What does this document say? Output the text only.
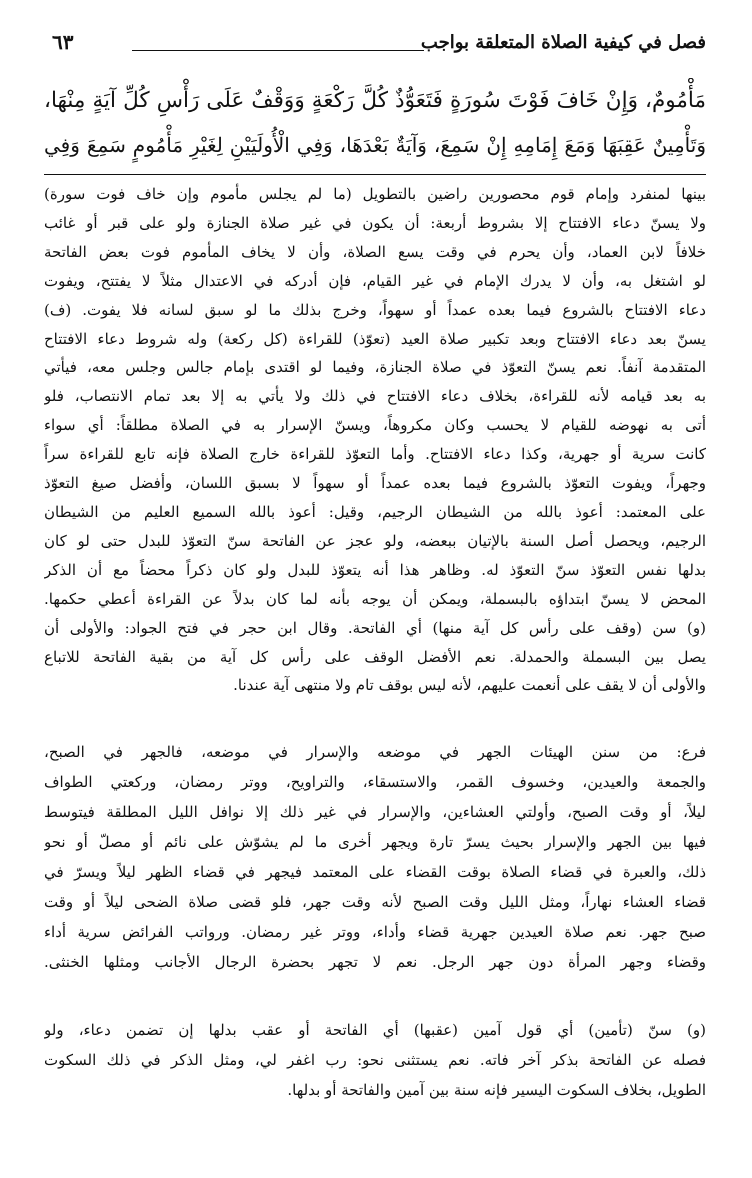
فصل في كيفية الصلاة المتعلقة بواجب
٦٣
مَأْمُومٌ، وَإِنْ خَافَ فَوْتَ سُورَةٍ فَتَعَوُّذٌ كُلَّ رَكْعَةٍ وَوَقْفٌ عَلَى رَأْسِ كُلِّ آيَةٍ مِنْهَا،
وَتَأْمِينٌ عَقِبَهَا وَمَعَ إِمَامِهِ إِنْ سَمِعَ، وَآيَةٌ بَعْدَهَا، وَفِي الْأُولَيَيْنِ لِغَيْرِ مَأْمُومٍ سَمِعَ وَفِي
بينها لمنفرد وإمام قوم محصورين راضين بالتطويل (ما لم يجلس مأموم وإن خاف فوت سورة)
ولا يسنّ دعاء الافتتاح إلا بشروط أربعة: أن يكون في غير صلاة الجنازة ولو على قبر أو غائب
خلافاً لابن العماد، وأن يحرم في وقت يسع الصلاة، وأن لا يخاف المأموم فوت بعض الفاتحة
لو اشتغل به، وأن لا يدرك الإمام في غير القيام، فإن أدركه في الاعتدال مثلاً لا يفتتح، ويفوت
دعاء الافتتاح بالشروع فيما بعده عمداً أو سهواً، وخرج بذلك ما لو سبق لسانه فلا يفوت. (ف)
يسنّ بعد دعاء الافتتاح وبعد تكبير صلاة العيد (تعوّذ) للقراءة (كل ركعة) وله شروط دعاء الافتتاح
المتقدمة آنفاً. نعم يسنّ التعوّذ في صلاة الجنازة، وفيما لو اقتدى بإمام جالس وجلس معه، فيأتي
به بعد قيامه لأنه للقراءة، بخلاف دعاء الافتتاح في ذلك ولا يأتي به إلا بعد تمام الانتصاب، فلو
أتى به نهوضه للقيام لا يحسب وكان مكروهاً، ويسنّ الإسرار به في الصلاة مطلقاً: أي سواء
كانت سرية أو جهرية، وكذا دعاء الافتتاح. وأما التعوّذ للقراءة خارج الصلاة فإنه تابع للقراءة سراً
وجهراً، ويفوت التعوّذ بالشروع فيما بعده عمداً أو سهواً لا بسبق اللسان، وأفضل صيغ التعوّذ
على المعتمد: أعوذ بالله من الشيطان الرجيم، وقيل: أعوذ بالله السميع العليم من الشيطان
الرجيم، ويحصل أصل السنة بالإتيان ببعضه، ولو عجز عن الفاتحة سنّ التعوّذ للبدل حتى لو كان
بدلها نفس التعوّذ سنّ التعوّذ له. وظاهر هذا أنه يتعوّذ للبدل ولو كان ذكراً محضاً مع أن الذكر
المحض لا يسنّ ابتداؤه بالبسملة، ويمكن أن يوجه بأنه لما كان بدلاً عن القراءة أعطي حكمها.
(و) سن (وقف على رأس كل آية منها) أي الفاتحة. وقال ابن حجر في فتح الجواد: والأولى أن
يصل بين البسملة والحمدلة. نعم الأفضل الوقف على رأس كل آية من بقية الفاتحة للاتباع
والأولى أن لا يقف على أنعمت عليهم، لأنه ليس بوقف تام ولا منتهى آية عندنا.
فرع: من سنن الهيئات الجهر في موضعه والإسرار في موضعه، فالجهر في الصبح،
والجمعة والعيدين، وخسوف القمر، والاستسقاء، والتراويح، ووتر رمضان، وركعتي الطواف
ليلاً، أو وقت الصبح، وأولتي العشاءين، والإسرار في غير ذلك إلا نوافل الليل المطلقة فيتوسط
فيها بين الجهر والإسرار بحيث يسرّ تارة ويجهر أخرى ما لم يشوّش على نائم أو مصلّ أو نحو
ذلك، والعبرة في قضاء الصلاة بوقت القضاء على المعتمد فيجهر في قضاء الظهر ليلاً ويسرّ في
قضاء العشاء نهاراً، ومثل الليل وقت الصبح لأنه وقت جهر، فلو قضى صلاة الضحى ليلاً أو وقت
صبح جهر. نعم صلاة العيدين جهرية قضاء وأداء، ووتر غير رمضان. ورواتب الفرائض سرية أداء
وقضاء وجهر المرأة دون جهر الرجل. نعم لا تجهر بحضرة الرجال الأجانب ومثلها الخنثى.
(و) سنّ (تأمين) أي قول آمين (عقبها) أي الفاتحة أو عقب بدلها إن تضمن دعاء، ولو
فصله عن الفاتحة بذكر آخر فاته. نعم يستثنى نحو: رب اغفر لي، ومثل الذكر في ذلك السكوت
الطويل، بخلاف السكوت اليسير فإنه سنة بين آمين والفاتحة أو بدلها.
